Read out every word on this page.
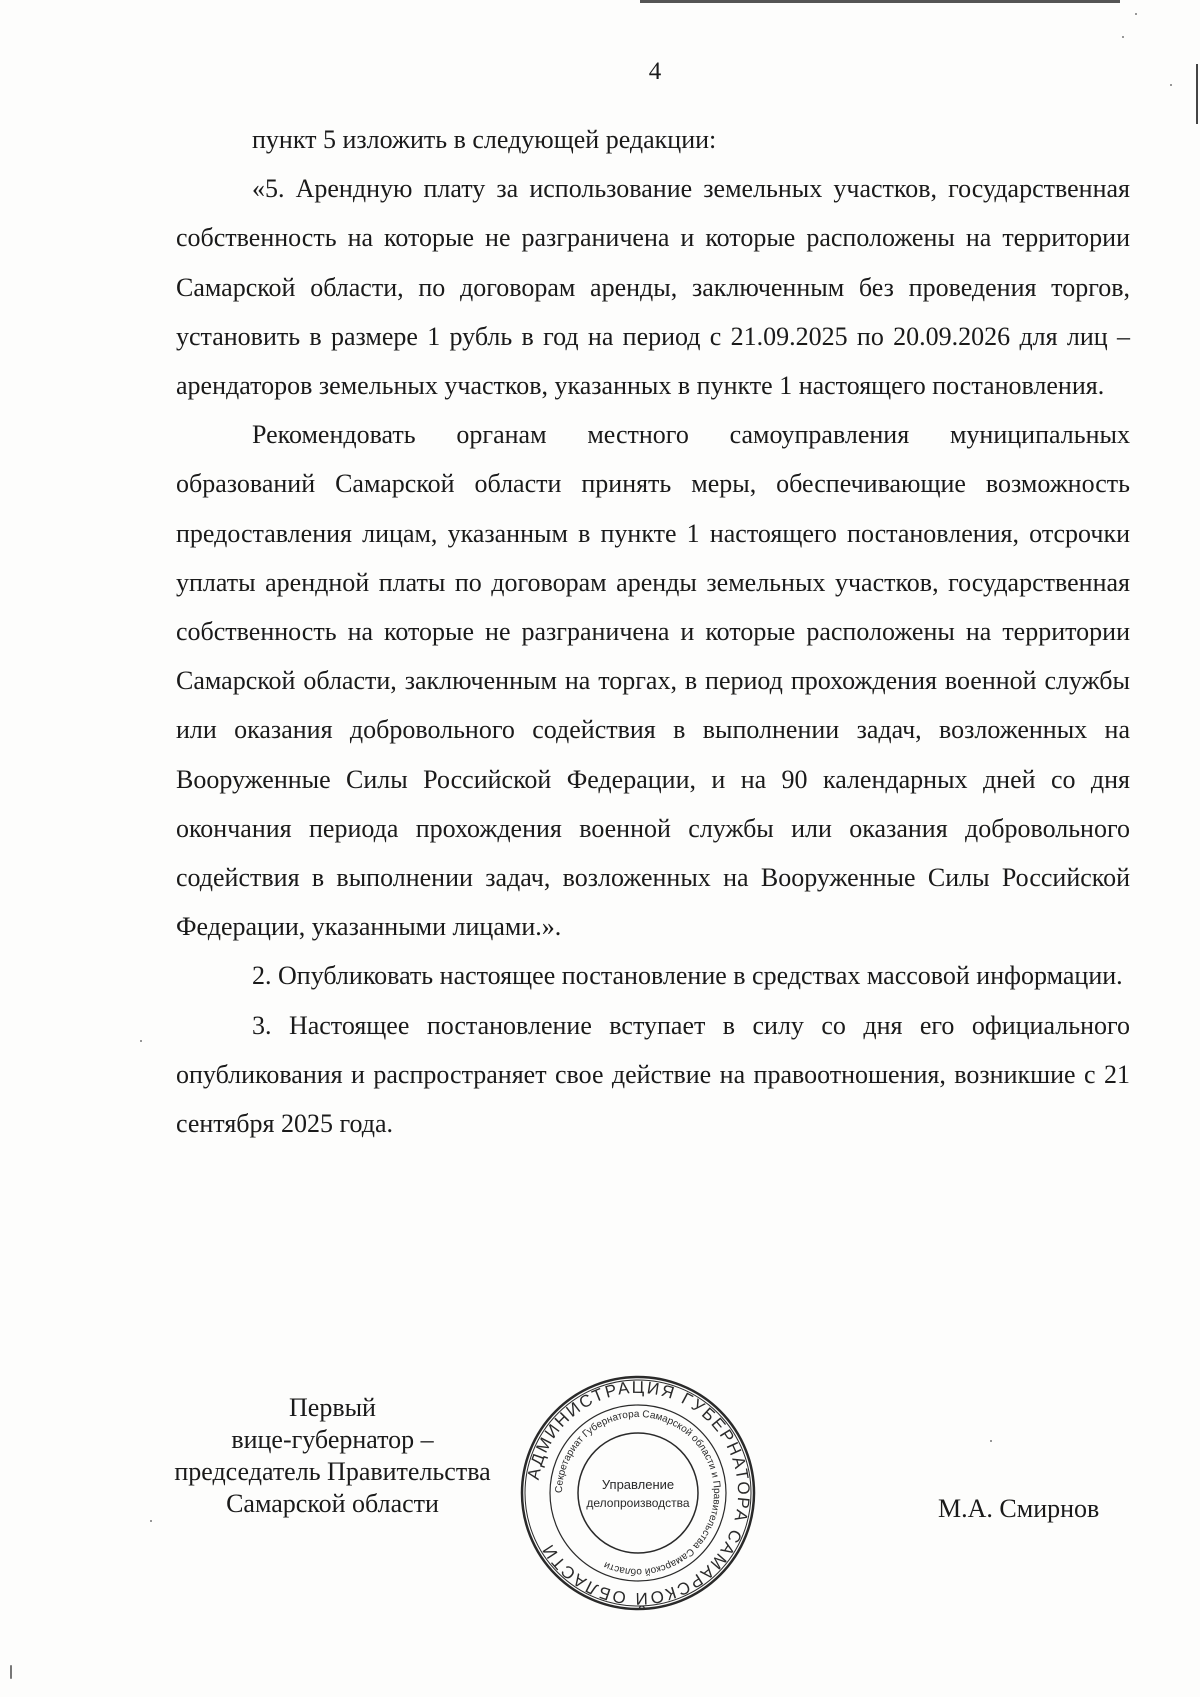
4

пункт 5 изложить в следующей редакции:

«5. Арендную плату за использование земельных участков, государственная собственность на которые не разграничена и которые расположены на территории Самарской области, по договорам аренды, заключенным без проведения торгов, установить в размере 1 рубль в год на период с 21.09.2025 по 20.09.2026 для лиц – арендаторов земельных участков, указанных в пункте 1 настоящего постановления.

Рекомендовать органам местного самоуправления муниципальных образований Самарской области принять меры, обеспечивающие возможность предоставления лицам, указанным в пункте 1 настоящего постановления, отсрочки уплаты арендной платы по договорам аренды земельных участков, государственная собственность на которые не разграничена и которые расположены на территории Самарской области, заключенным на торгах, в период прохождения военной службы или оказания добровольного содействия в выполнении задач, возложенных на Вооруженные Силы Российской Федерации, и на 90 календарных дней со дня окончания периода прохождения военной службы или оказания добровольного содействия в выполнении задач, возложенных на Вооруженные Силы Российской Федерации, указанными лицами.».

2. Опубликовать настоящее постановление в средствах массовой информации.

3. Настоящее постановление вступает в силу со дня его официального опубликования и распространяет свое действие на правоотношения, возникшие с 21 сентября 2025 года.

Первый
вице-губернатор –
председатель Правительства
Самарской области
АДМИНИСТРАЦИЯ ГУБЕРНАТОРА САМАРСКОЙ ОБЛАСТИ
Секретариат Губернатора Самарской области и Правительства Самарской области
Управление
делопроизводства	М.А. Смирнов
